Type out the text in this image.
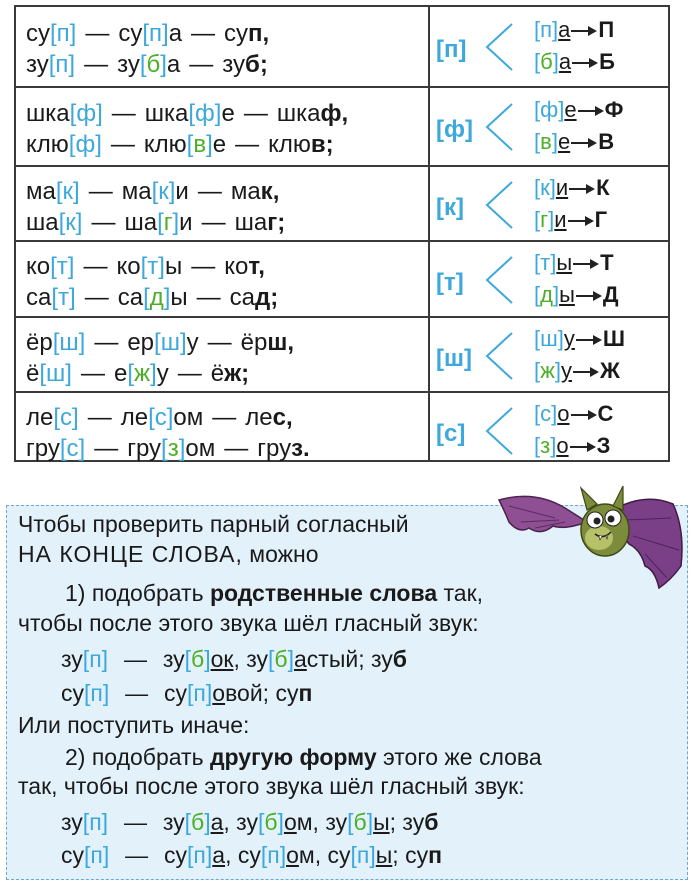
су[п] — су[п]а — суп,
зу[п] — зу[б]а — зуб;
[п]
[п]а П
[б]а Б
шка[ф] — шка[ф]е — шкаф,
клю[ф] — клю[в]е — клюв;
[ф]
[ф]е Ф
[в]е В
ма[к] — ма[к]и — мак,
ша[к] — ша[г]и — шаг;
[к]
[к]и К
[г]и Г
ко[т] — ко[т]ы — кот,
са[т] — са[д]ы — сад;
[т]
[т]ы Т
[д]ы Д
ёр[ш] — ер[ш]у — ёрш,
ё[ш] — е[ж]у — ёж;
[ш]
[ш]у Ш
[ж]у Ж
ле[с] — ле[с]ом — лес,
гру[с] — гру[з]ом — груз.
[с]
[с]о С
[з]о З
Чтобы проверить парный согласный
НА КОНЦЕ СЛОВА, можно
1) подобрать родственные слова так,
чтобы после этого звука шёл гласный звук:
зу[п] — зу[б]ок, зу[б]астый; зуб
су[п] — су[п]овой; суп
Или поступить иначе:
2) подобрать другую форму этого же слова
так, чтобы после этого звука шёл гласный звук:
зу[п] — зу[б]а, зу[б]ом, зу[б]ы; зуб
су[п] — су[п]а, су[п]ом, су[п]ы; суп
